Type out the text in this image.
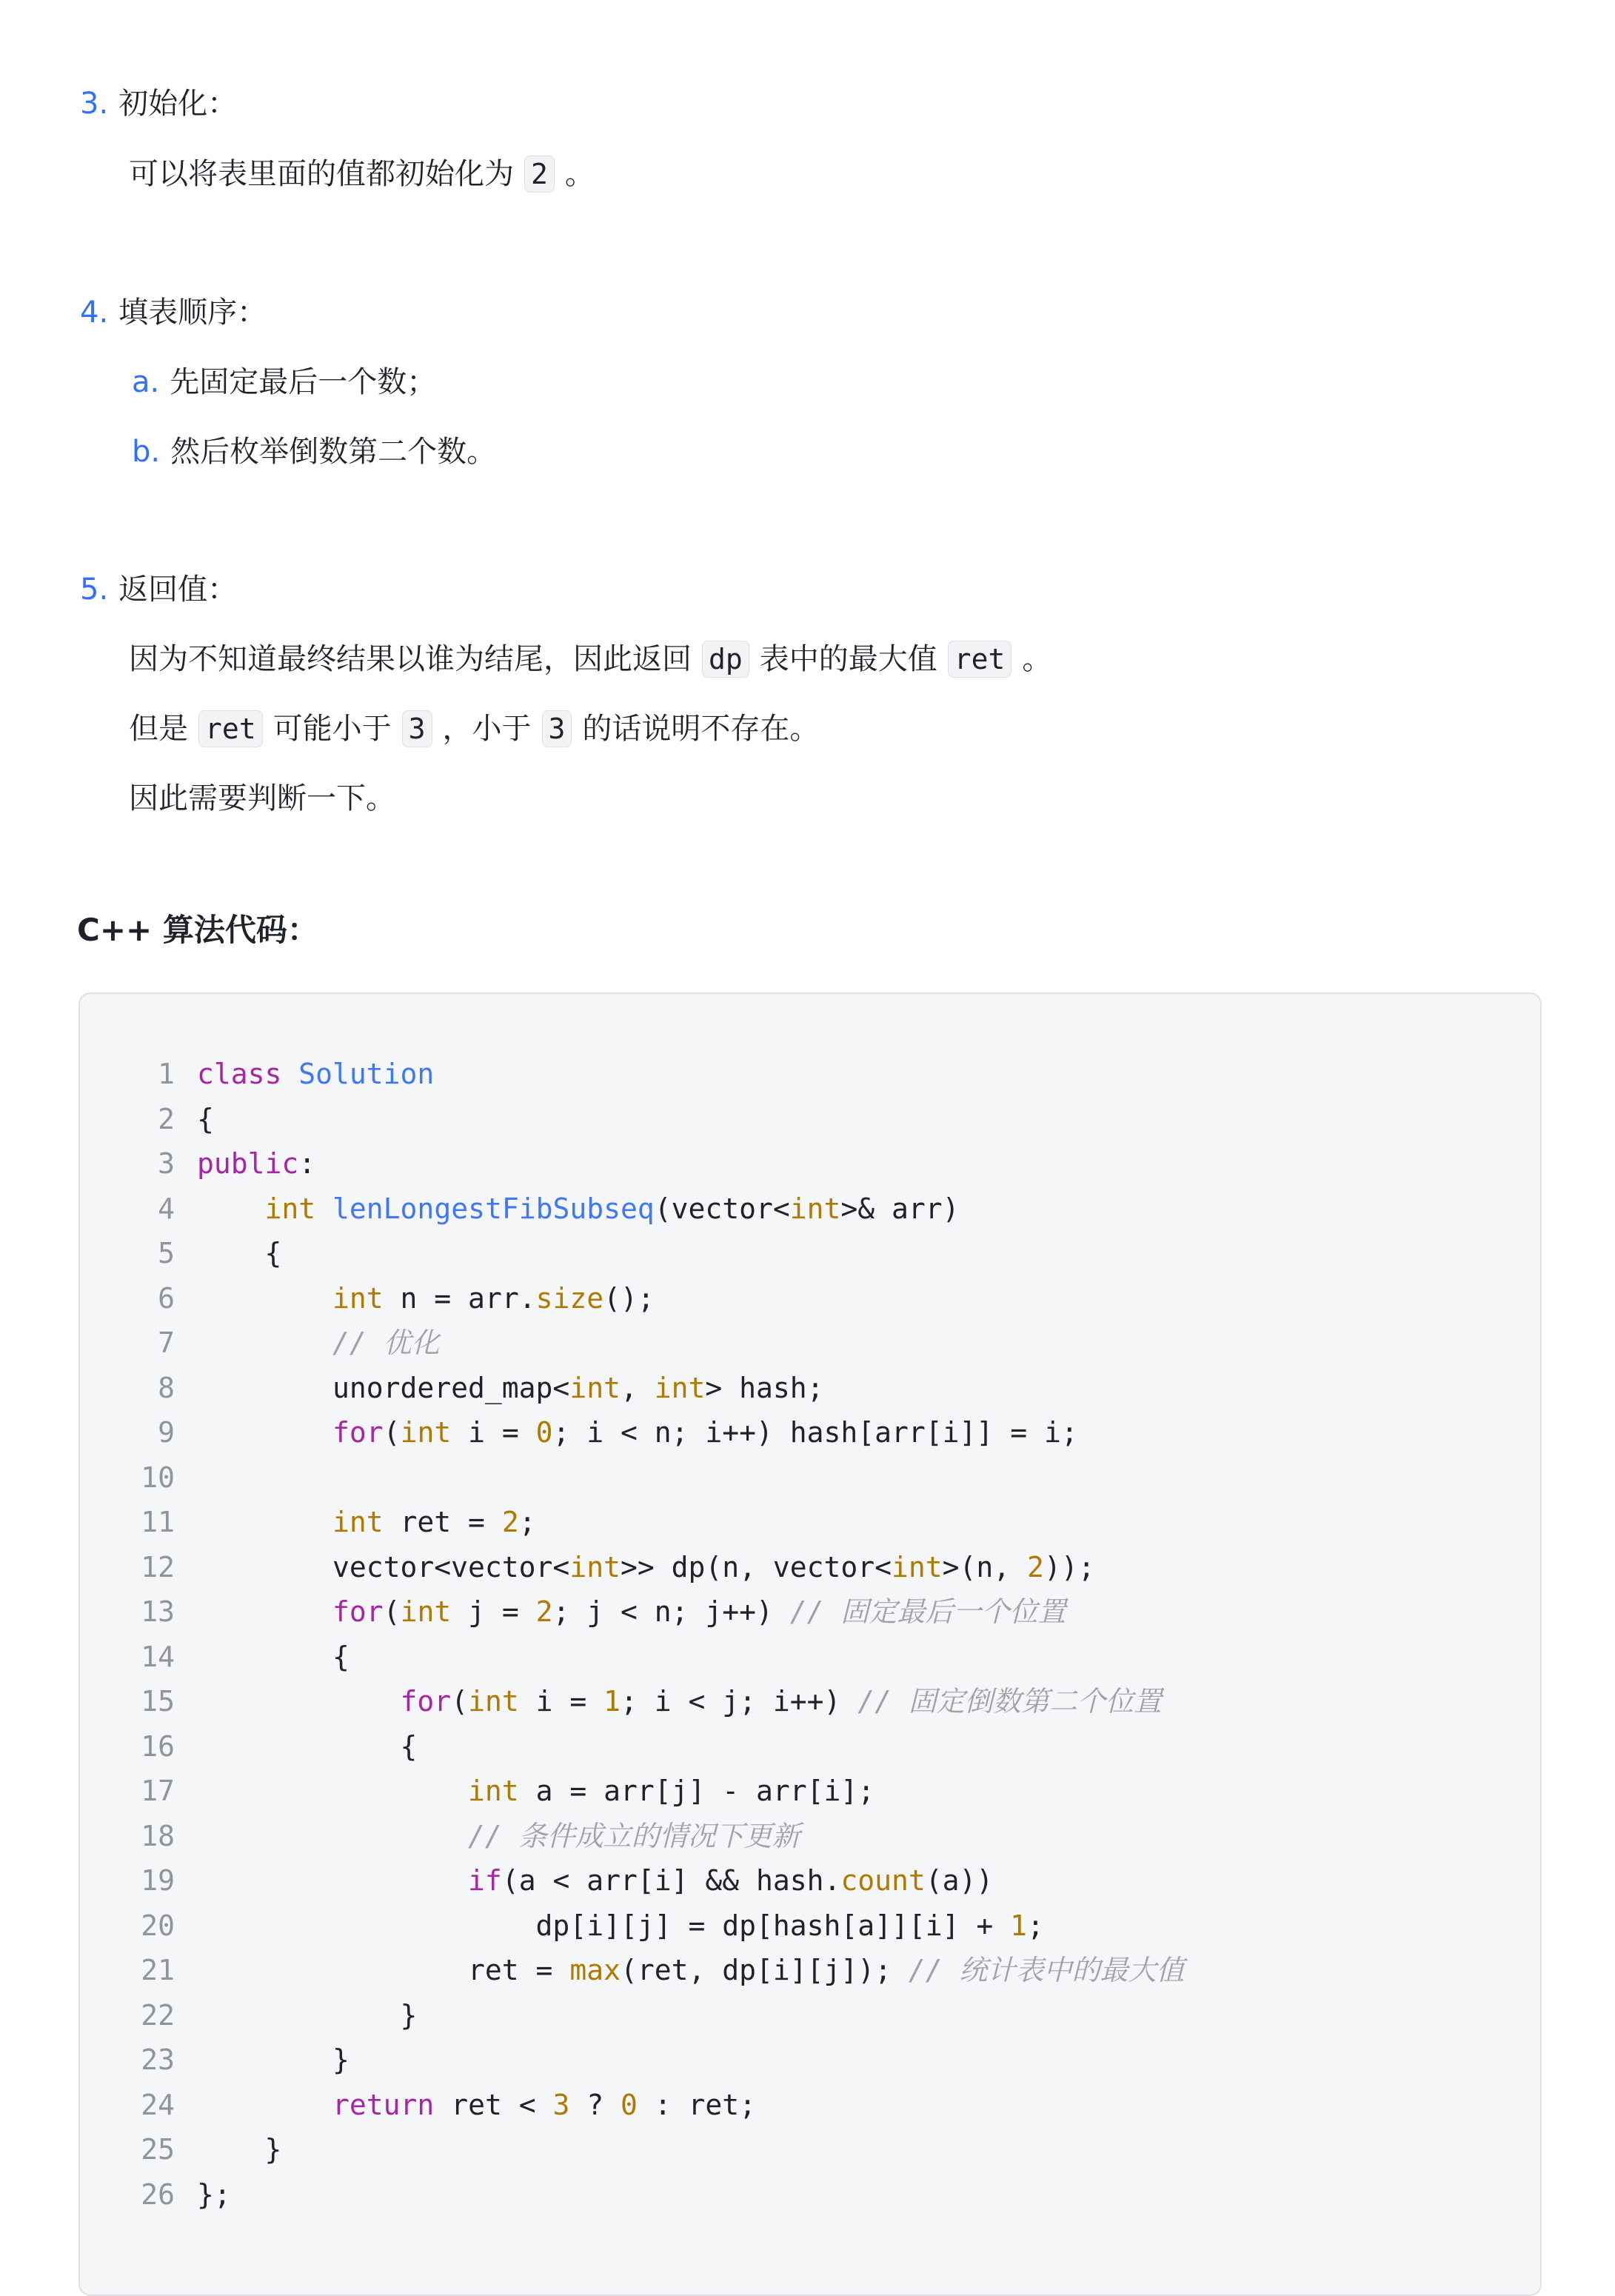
3. 初始化：
可以将表里面的值都初始化为 2 。
4. 填表顺序：
a. 先固定最后一个数；
b. 然后枚举倒数第二个数。
5. 返回值：
因为不知道最终结果以谁为结尾，因此返回 dp 表中的最大值 ret 。
但是 ret 可能小于 3 ，小于 3 的话说明不存在。
因此需要判断一下。
C++ 算法代码：
1 class Solution
2 {
3 public:
4	int lenLongestFibSubseq(vector<int>& arr)
5 {
6	int n = arr.size();
7	// 优化
8 unordered_map<int, int> hash;
9	for(int i = 0; i < n; i++) hash[arr[i]] = i;
10
11	int ret = 2;
12 vector<vector<int>> dp(n, vector<int>(n, 2));
13	for(int j = 2; j < n; j++) // 固定最后一个位置
14 {
15	for(int i = 1; i < j; i++) // 固定倒数第二个位置
16 {
17	int a = arr[j] - arr[i];
18	// 条件成立的情况下更新
19	if(a < arr[i] && hash.count(a))
20 dp[i][j] = dp[hash[a]][i] + 1;
21 ret = max(ret, dp[i][j]); // 统计表中的最大值
22 }
23 }
24	return ret < 3 ? 0 : ret;
25 }
26 };
